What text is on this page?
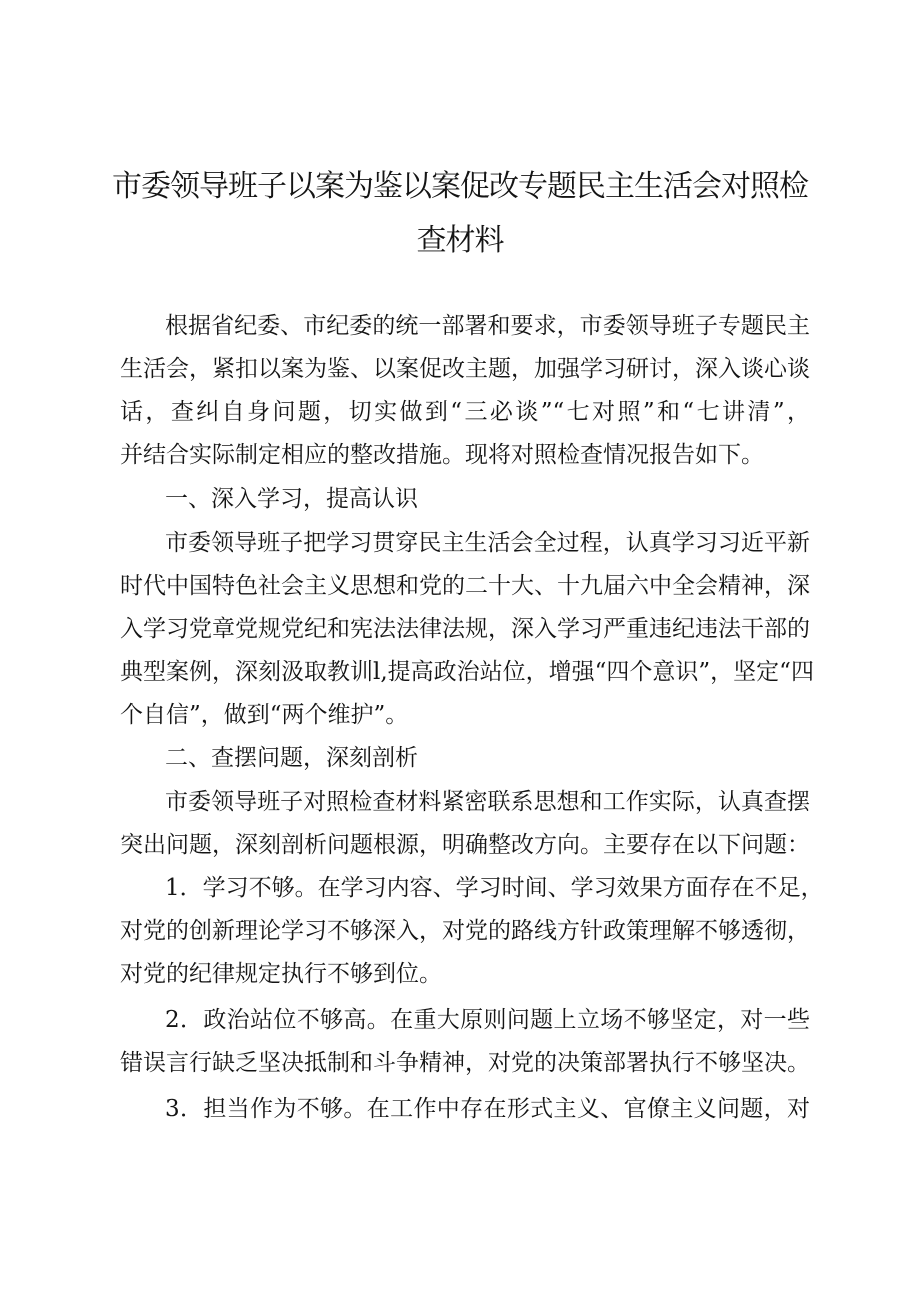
市委领导班子以案为鉴以案促改专题民主生活会对照检
查材料

根据省纪委、市纪委的统一部署和要求，市委领导班子专题民主

生活会，紧扣以案为鉴、以案促改主题，加强学习研讨，深入谈心谈

话，查纠自身问题，切实做到“三必谈”“七对照”和“七讲清”，

并结合实际制定相应的整改措施。现将对照检查情况报告如下。

一、深入学习，提高认识

市委领导班子把学习贯穿民主生活会全过程，认真学习习近平新

时代中国特色社会主义思想和党的二十大、十九届六中全会精神，深

入学习党章党规党纪和宪法法律法规，深入学习严重违纪违法干部的

典型案例，深刻汲取教训l,提高政治站位，增强“四个意识”，坚定“四

个自信”，做到“两个维护”。

二、查摆问题，深刻剖析

市委领导班子对照检查材料紧密联系思想和工作实际，认真查摆

突出问题，深刻剖析问题根源，明确整改方向。主要存在以下问题：

1．学习不够。在学习内容、学习时间、学习效果方面存在不足，

对党的创新理论学习不够深入，对党的路线方针政策理解不够透彻，

对党的纪律规定执行不够到位。

2．政治站位不够高。在重大原则问题上立场不够坚定，对一些

错误言行缺乏坚决抵制和斗争精神，对党的决策部署执行不够坚决。

3．担当作为不够。在工作中存在形式主义、官僚主义问题，对
